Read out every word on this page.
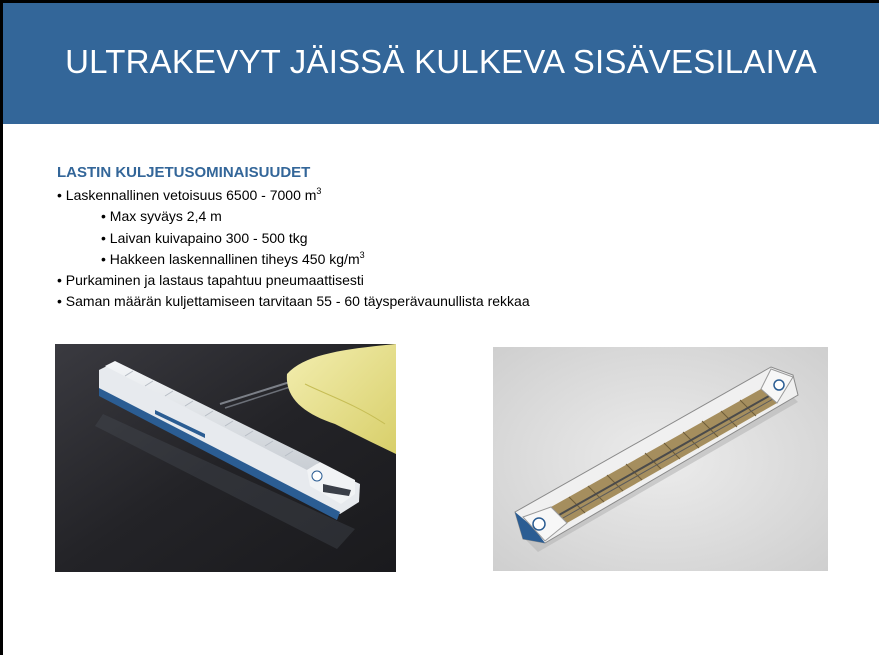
ULTRAKEVYT JÄISSÄ KULKEVA SISÄVESILAIVA
LASTIN KULJETUSOMINAISUUDET
• Laskennallinen vetoisuus 6500 - 7000 $m^3$
• Max syväys 2,4 m
• Laivan kuivapaino 300 - 500 tkg
• Hakkeen laskennallinen tiheys 450 $kg/m^3$
• Purkaminen ja lastaus tapahtuu pneumaattisesti
• Saman määrän kuljettamiseen tarvitaan 55 - 60 täysperävaunullista rekkaa
